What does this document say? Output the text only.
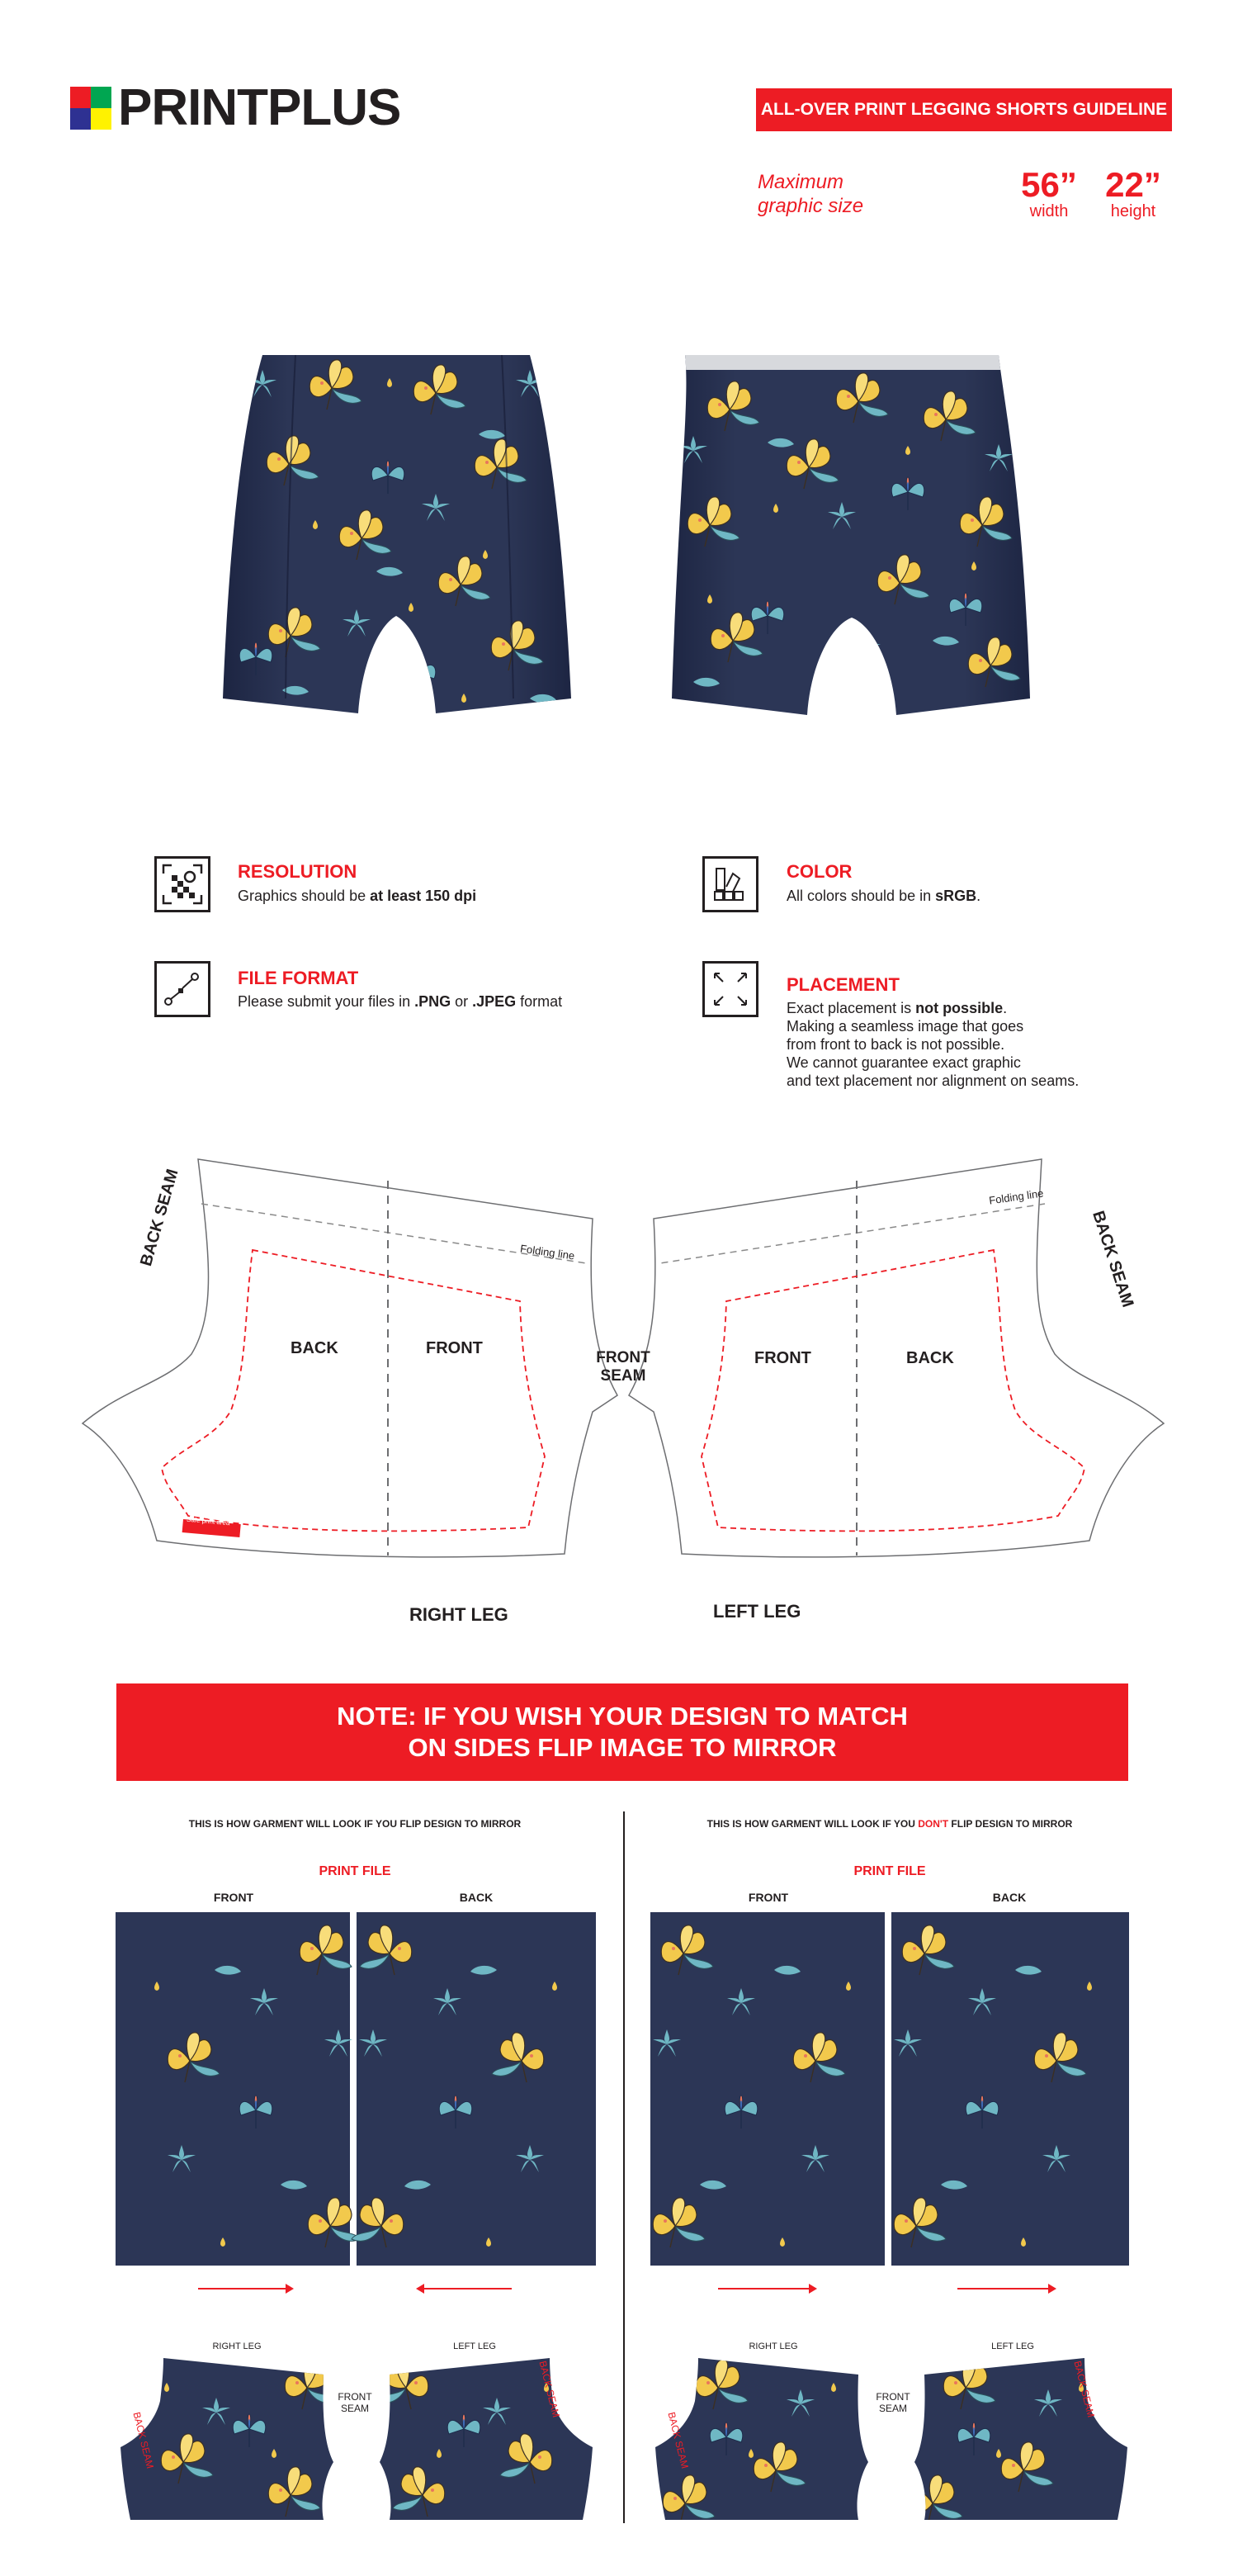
PRINTPLUS	ALL-OVER PRINT LEGGING SHORTS GUIDELINE
Maximum
graphic size
56”
width
22”
height
RESOLUTION
Graphics should be at least 150 dpi
COLOR
All colors should be in sRGB.
FILE FORMAT
Please submit your files in .PNG or .JPEG format
PLACEMENT
Exact placement is not possible.
Making a seamless image that goes
from front to back is not possible.
We cannot guarantee exact graphic
and text placement nor alignment on seams.
BACK SEAM	BACK SEAM
Folding line
Folding line
BACK	FRONT
FRONT	BACK
FRONT
SEAM
Safe print area
RIGHT LEG	LEFT LEG
NOTE: IF YOU WISH YOUR DESIGN TO MATCH
ON SIDES FLIP IMAGE TO MIRROR
THIS IS HOW GARMENT WILL LOOK IF YOU FLIP DESIGN TO MIRROR
PRINT FILE
FRONT	BACK
RIGHT LEG	LEFT LEG
BACK SEAM
BACK SEAM
FRONT
SEAM
THIS IS HOW GARMENT WILL LOOK IF YOU DON'T FLIP DESIGN TO MIRROR
PRINT FILE
FRONT	BACK
RIGHT LEG	LEFT LEG
BACK SEAM
BACK SEAM
FRONT
SEAM
